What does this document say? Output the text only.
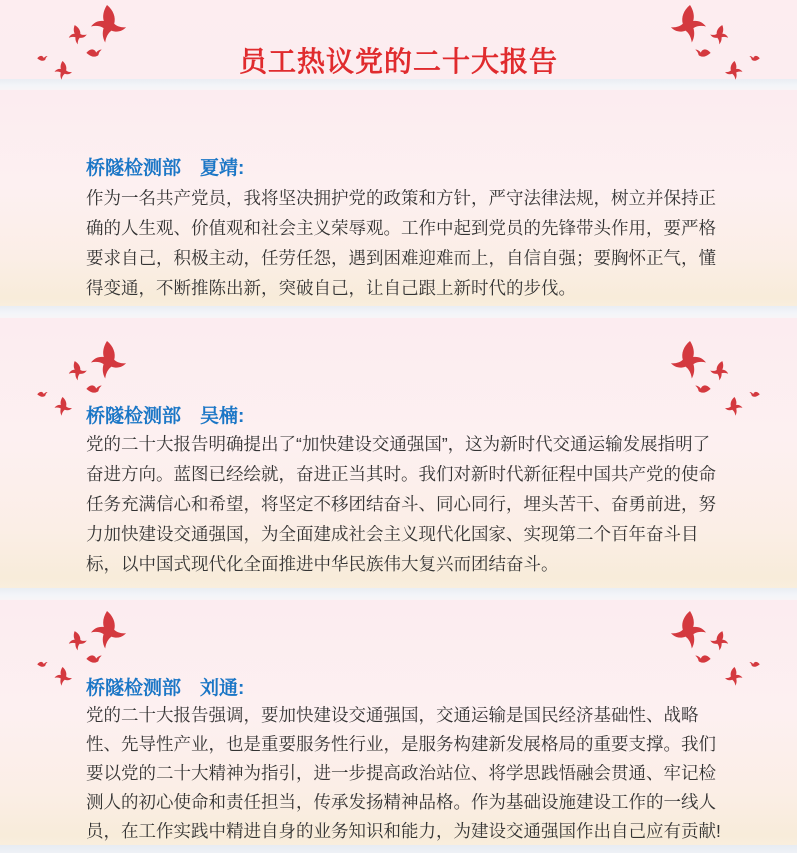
员工热议党的二十大报告

桥隧检测部　夏靖:

作为一名共产党员，我将坚决拥护党的政策和方针，严守法律法规，树立并保持正确的人生观、价值观和社会主义荣辱观。工作中起到党员的先锋带头作用，要严格要求自己，积极主动，任劳任怨，遇到困难迎难而上，自信自强；要胸怀正气，懂得变通，不断推陈出新，突破自己，让自己跟上新时代的步伐。

桥隧检测部　吴楠:

党的二十大报告明确提出了“加快建设交通强国”，这为新时代交通运输发展指明了奋进方向。蓝图已经绘就，奋进正当其时。我们对新时代新征程中国共产党的使命任务充满信心和希望，将坚定不移团结奋斗、同心同行，埋头苦干、奋勇前进，努力加快建设交通强国，为全面建成社会主义现代化国家、实现第二个百年奋斗目标，以中国式现代化全面推进中华民族伟大复兴而团结奋斗。

桥隧检测部　刘通:

党的二十大报告强调，要加快建设交通强国，交通运输是国民经济基础性、战略性、先导性产业，也是重要服务性行业，是服务构建新发展格局的重要支撑。我们要以党的二十大精神为指引，进一步提高政治站位、将学思践悟融会贯通、牢记检测人的初心使命和责任担当，传承发扬精神品格。作为基础设施建设工作的一线人员，在工作实践中精进自身的业务知识和能力，为建设交通强国作出自己应有贡献!
